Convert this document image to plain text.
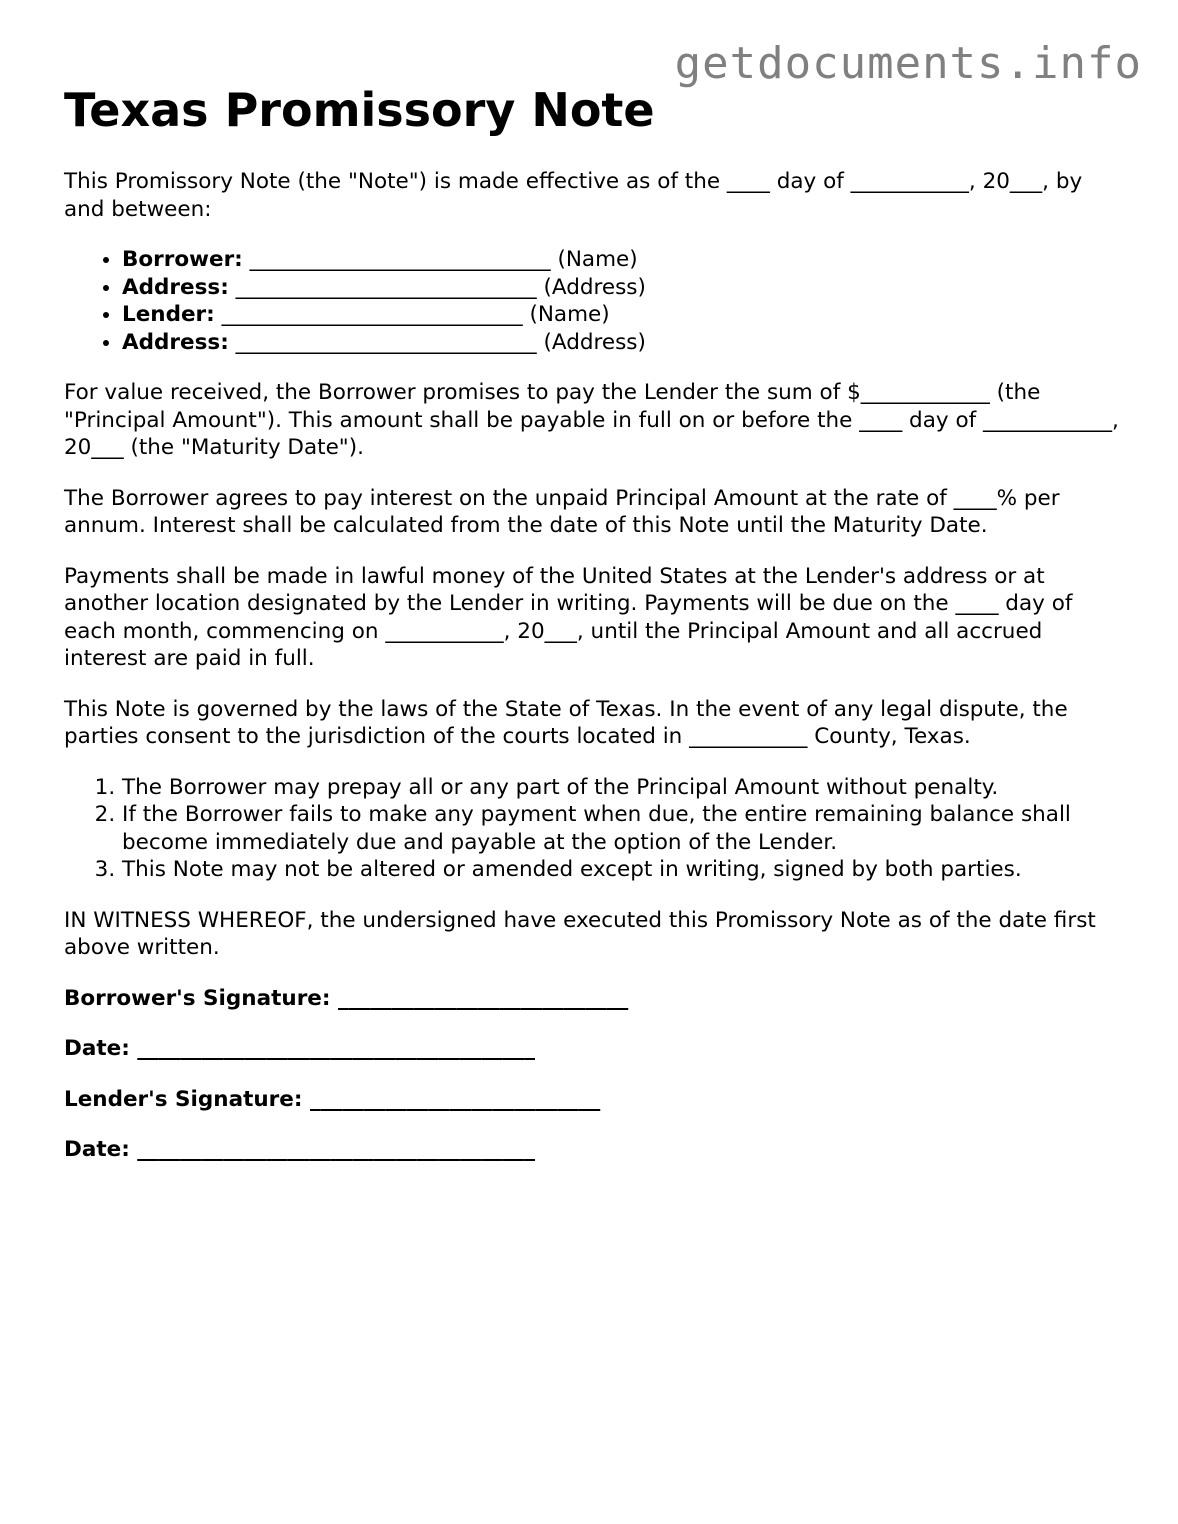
getdocuments.info
Texas Promissory Note

This Promissory Note (the "Note") is made effective as of the ____ day of ___________, 20___, by and between:

• Borrower: ____________________________ (Name)
• Address: ____________________________ (Address)
• Lender: ____________________________ (Name)
• Address: ____________________________ (Address)

For value received, the Borrower promises to pay the Lender the sum of $____________ (the "Principal Amount"). This amount shall be payable in full on or before the ____ day of ____________, 20___ (the "Maturity Date").

The Borrower agrees to pay interest on the unpaid Principal Amount at the rate of ____% per annum. Interest shall be calculated from the date of this Note until the Maturity Date.

Payments shall be made in lawful money of the United States at the Lender's address or at another location designated by the Lender in writing. Payments will be due on the ____ day of each month, commencing on ___________, 20___, until the Principal Amount and all accrued interest are paid in full.

This Note is governed by the laws of the State of Texas. In the event of any legal dispute, the parties consent to the jurisdiction of the courts located in ___________ County, Texas.

1. The Borrower may prepay all or any part of the Principal Amount without penalty.
2. If the Borrower fails to make any payment when due, the entire remaining balance shall become immediately due and payable at the option of the Lender.
3. This Note may not be altered or amended except in writing, signed by both parties.

IN WITNESS WHEREOF, the undersigned have executed this Promissory Note as of the date first above written.

Borrower's Signature: ___________________________

Date: _____________________________________

Lender's Signature: ___________________________

Date: _____________________________________
